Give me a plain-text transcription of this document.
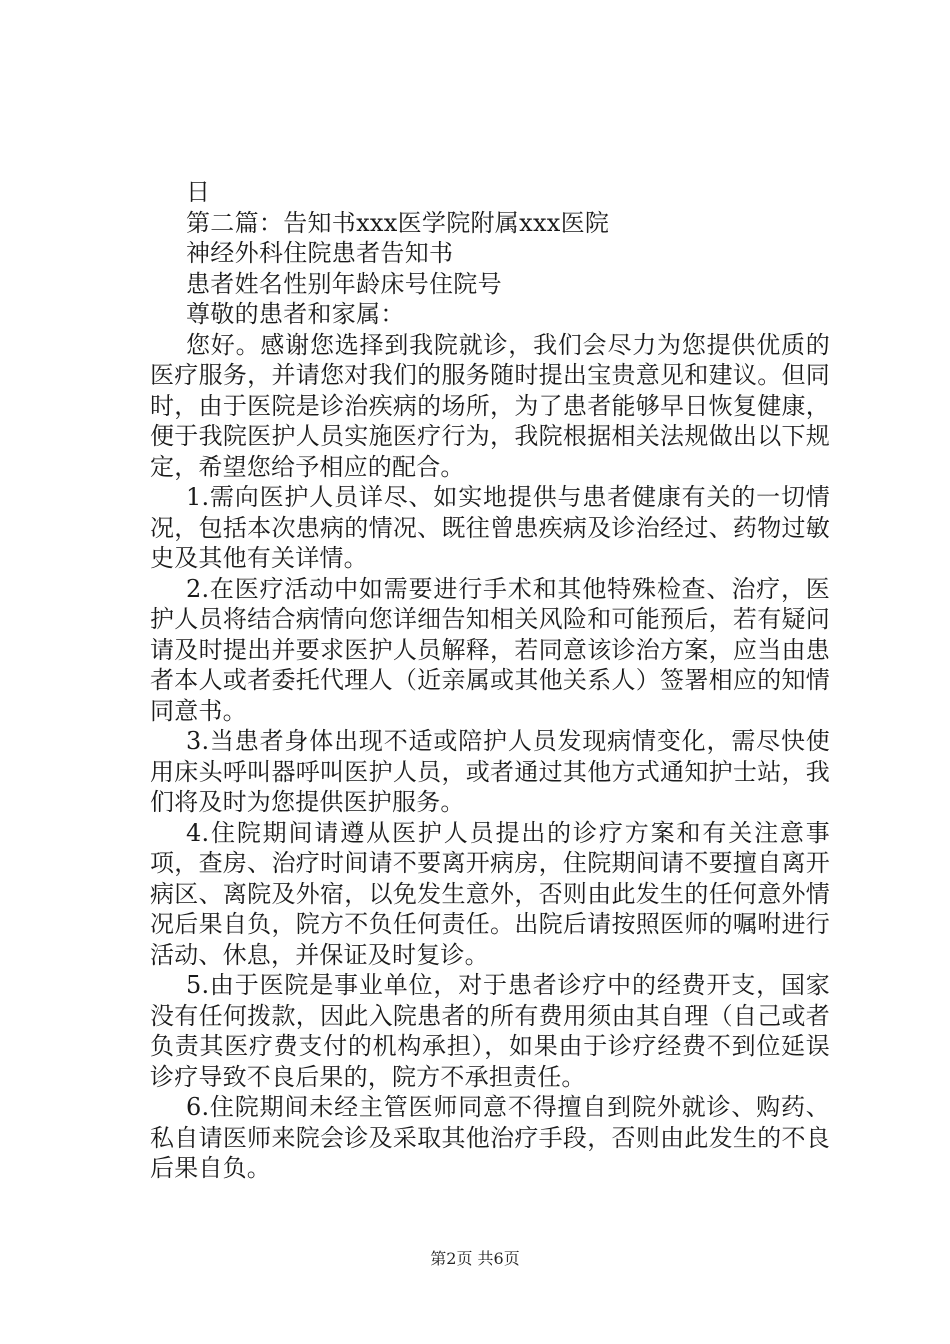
日
第二篇：告知书xxx医学院附属xxx医院
神经外科住院患者告知书
患者姓名性别年龄床号住院号
尊敬的患者和家属：

您好。感谢您选择到我院就诊，我们会尽力为您提供优质的医疗服务，并请您对我们的服务随时提出宝贵意见和建议。但同时，由于医院是诊治疾病的场所，为了患者能够早日恢复健康，便于我院医护人员实施医疗行为，我院根据相关法规做出以下规定，希望您给予相应的配合。

1.需向医护人员详尽、如实地提供与患者健康有关的一切情况，包括本次患病的情况、既往曾患疾病及诊治经过、药物过敏史及其他有关详情。

2.在医疗活动中如需要进行手术和其他特殊检查、治疗，医护人员将结合病情向您详细告知相关风险和可能预后，若有疑问请及时提出并要求医护人员解释，若同意该诊治方案，应当由患者本人或者委托代理人（近亲属或其他关系人）签署相应的知情同意书。

3.当患者身体出现不适或陪护人员发现病情变化，需尽快使用床头呼叫器呼叫医护人员，或者通过其他方式通知护士站，我们将及时为您提供医护服务。

4.住院期间请遵从医护人员提出的诊疗方案和有关注意事项，查房、治疗时间请不要离开病房，住院期间请不要擅自离开病区、离院及外宿，以免发生意外，否则由此发生的任何意外情况后果自负，院方不负任何责任。出院后请按照医师的嘱咐进行活动、休息，并保证及时复诊。

5.由于医院是事业单位，对于患者诊疗中的经费开支，国家没有任何拨款，因此入院患者的所有费用须由其自理（自己或者负责其医疗费支付的机构承担），如果由于诊疗经费不到位延误诊疗导致不良后果的，院方不承担责任。

6.住院期间未经主管医师同意不得擅自到院外就诊、购药、私自请医师来院会诊及采取其他治疗手段，否则由此发生的不良后果自负。

第2页 共6页
